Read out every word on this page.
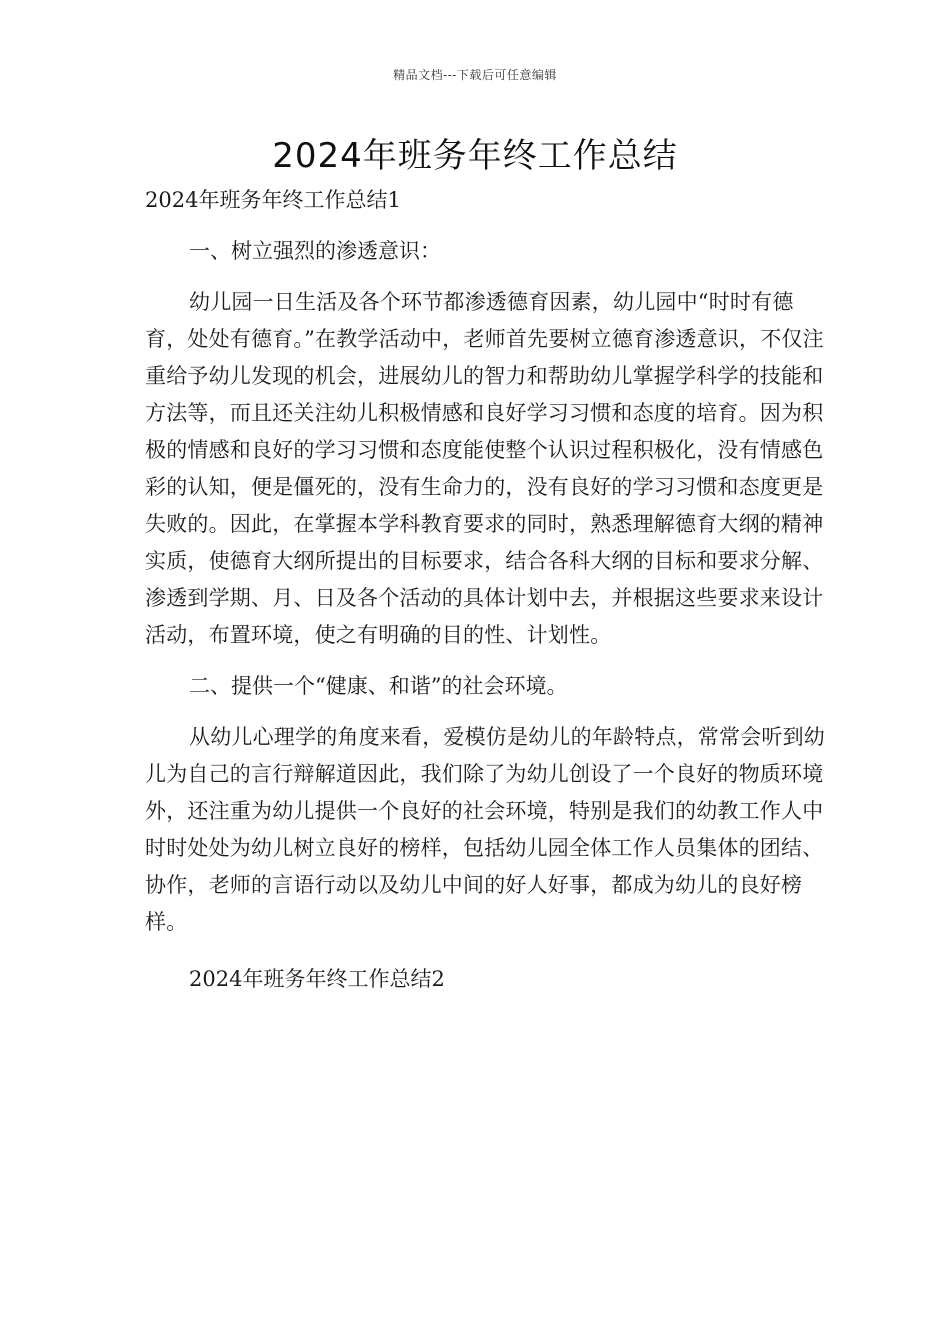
精品文档---下载后可任意编辑
2024年班务年终工作总结

2024年班务年终工作总结1

一、树立强烈的渗透意识：

幼儿园一日生活及各个环节都渗透德育因素，幼儿园中“时时有德育，处处有德育。”在教学活动中，老师首先要树立德育渗透意识，不仅注重给予幼儿发现的机会，进展幼儿的智力和帮助幼儿掌握学科学的技能和方法等，而且还关注幼儿积极情感和良好学习习惯和态度的培育。因为积极的情感和良好的学习习惯和态度能使整个认识过程积极化，没有情感色彩的认知，便是僵死的，没有生命力的，没有良好的学习习惯和态度更是失败的。因此，在掌握本学科教育要求的同时，熟悉理解德育大纲的精神实质，使德育大纲所提出的目标要求，结合各科大纲的目标和要求分解、渗透到学期、月、日及各个活动的具体计划中去，并根据这些要求来设计活动，布置环境，使之有明确的目的性、计划性。

二、提供一个“健康、和谐”的社会环境。

从幼儿心理学的角度来看，爱模仿是幼儿的年龄特点，常常会听到幼儿为自己的言行辩解道因此，我们除了为幼儿创设了一个良好的物质环境外，还注重为幼儿提供一个良好的社会环境，特别是我们的幼教工作人中时时处处为幼儿树立良好的榜样，包括幼儿园全体工作人员集体的团结、协作，老师的言语行动以及幼儿中间的好人好事，都成为幼儿的良好榜样。

2024年班务年终工作总结2
